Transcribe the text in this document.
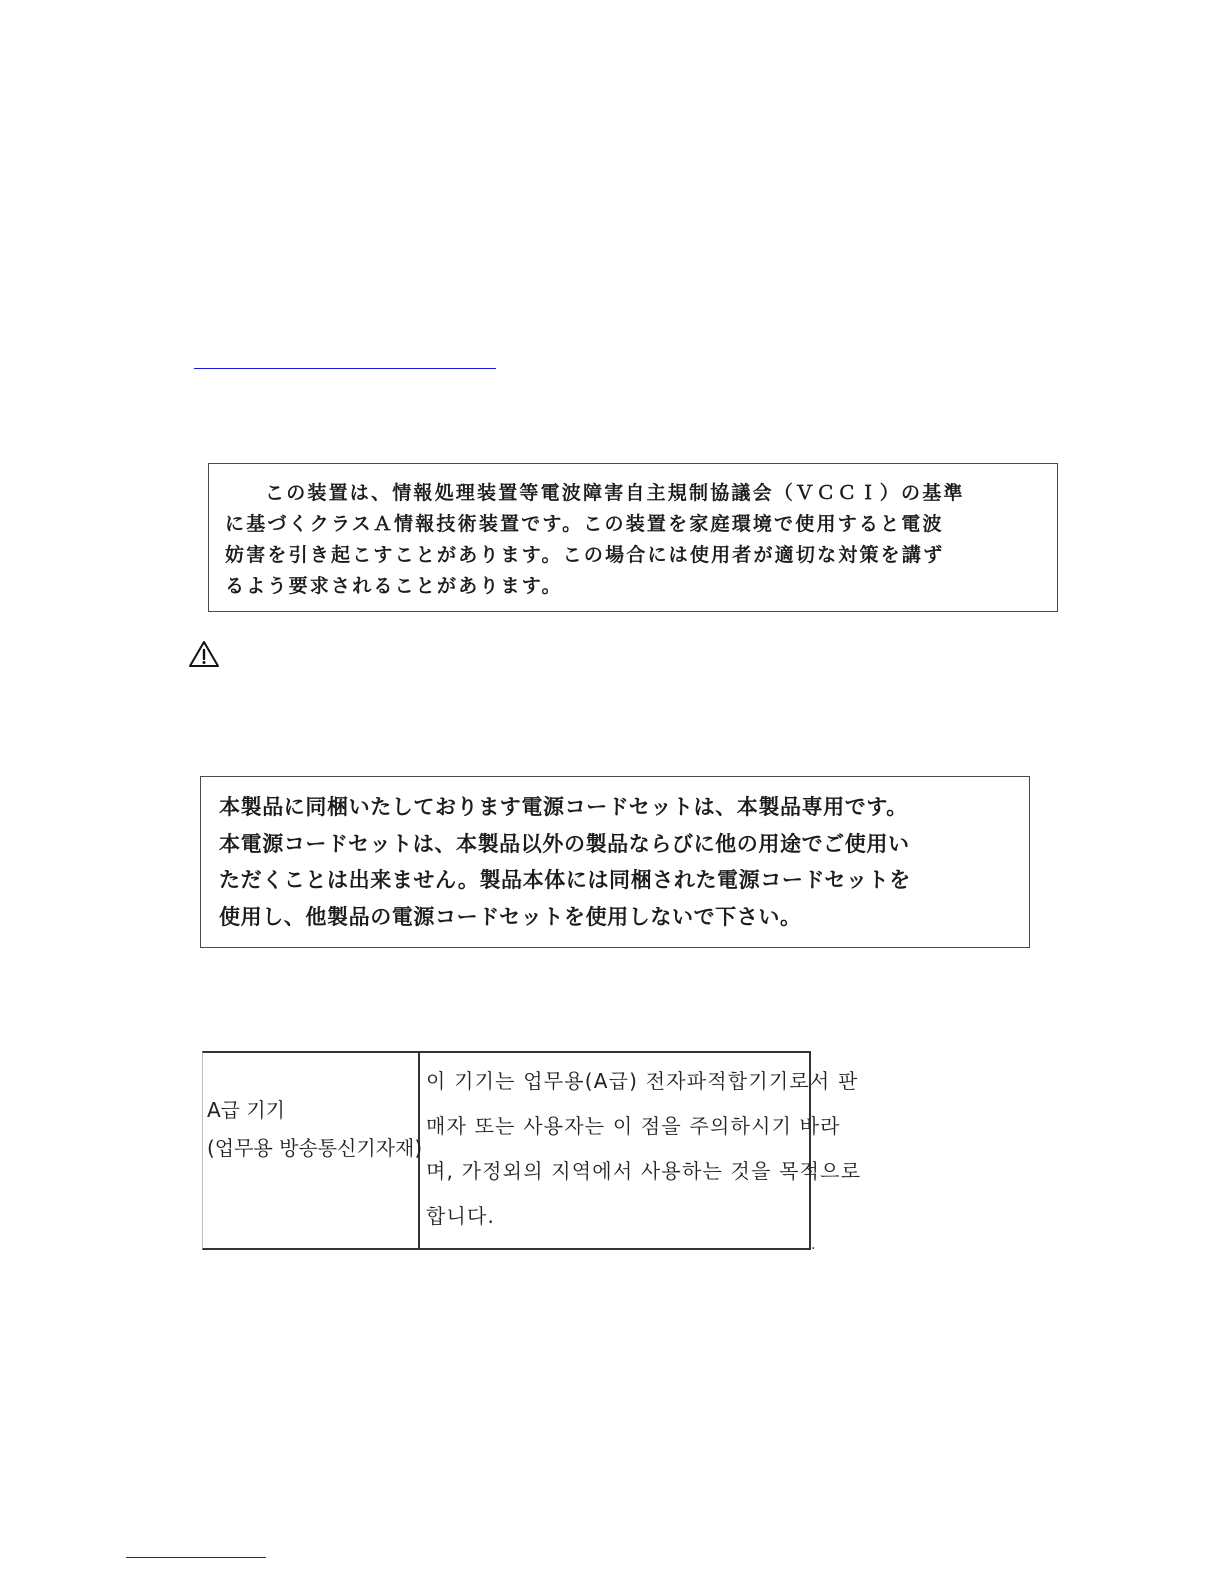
この装置は、情報処理装置等電波障害自主規制協議会（ＶＣＣＩ）の基準
に基づくクラスＡ情報技術装置です。この装置を家庭環境で使用すると電波
妨害を引き起こすことがあります。この場合には使用者が適切な対策を講ず
るよう要求されることがあります。
本製品に同梱いたしております電源コードセットは、本製品専用です。
本電源コードセットは、本製品以外の製品ならびに他の用途でご使用い
ただくことは出来ません。製品本体には同梱された電源コードセットを
使用し、他製品の電源コードセットを使用しないで下さい。
A급 기기
(업무용 방송통신기자재)
이 기기는 업무용(A급) 전자파적합기기로서 판
매자 또는 사용자는 이 점을 주의하시기 바라
며, 가정외의 지역에서 사용하는 것을 목적으로
합니다.
.
